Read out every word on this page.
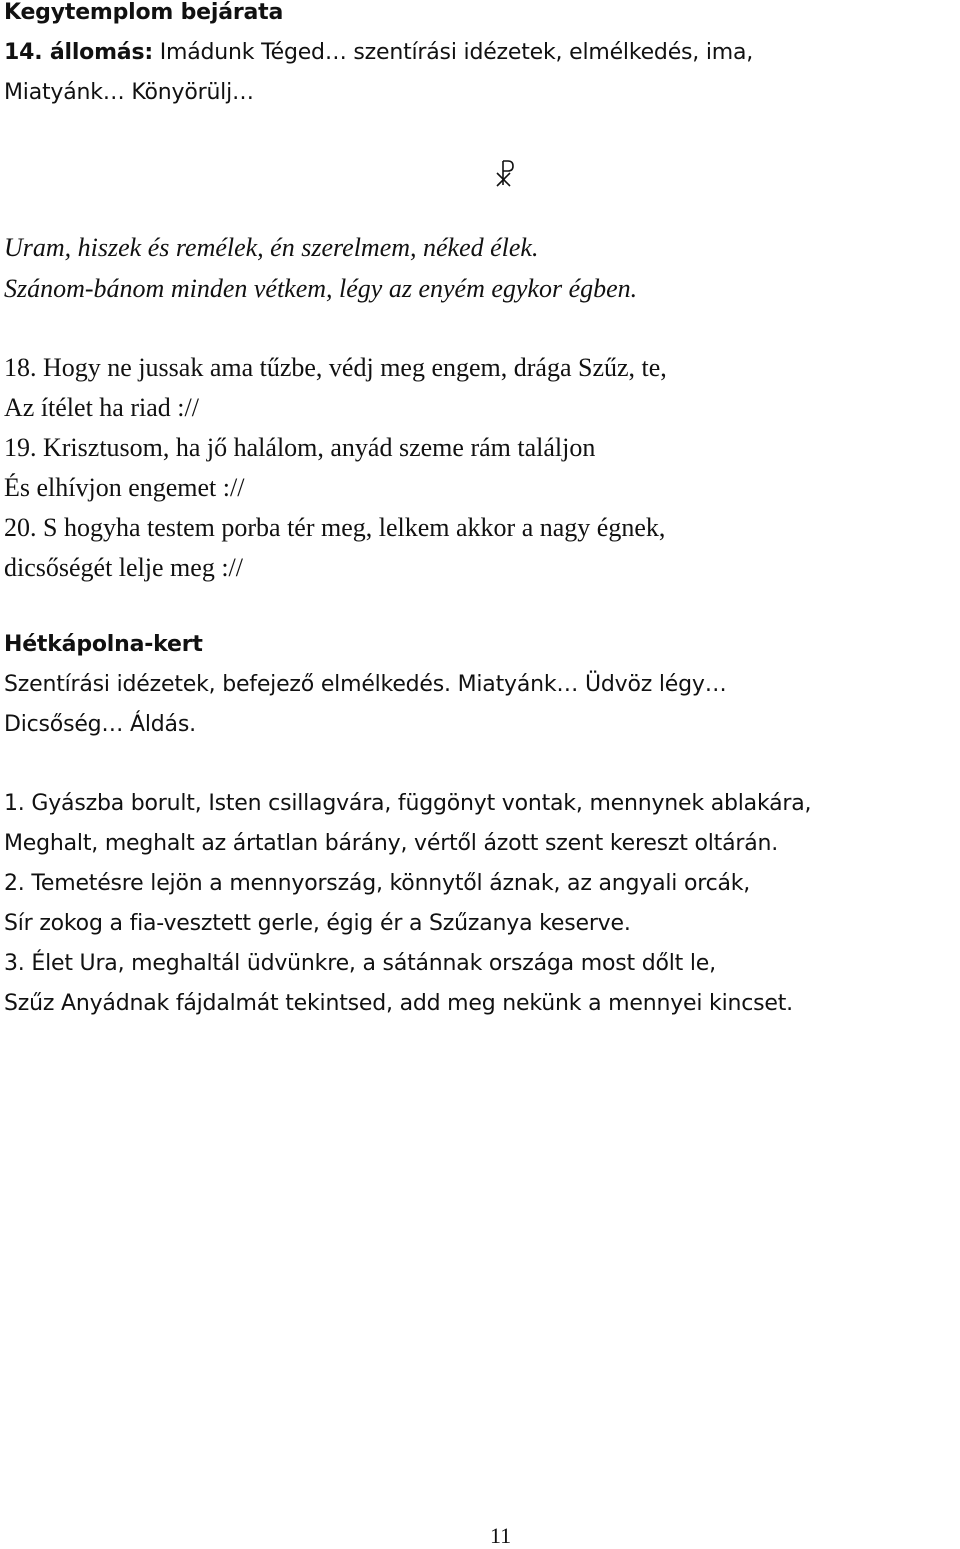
Kegytemplom bejárata
14. állomás: Imádunk Téged… szentírási idézetek, elmélkedés, ima,
Miatyánk… Könyörülj…
Uram, hiszek és remélek, én szerelmem, néked élek.
Szánom-bánom minden vétkem, légy az enyém egykor égben.
18. Hogy ne jussak ama tűzbe, védj meg engem, drága Szűz, te,
Az ítélet ha riad ://
19. Krisztusom, ha jő halálom, anyád szeme rám találjon
És elhívjon engemet ://
20. S hogyha testem porba tér meg, lelkem akkor a nagy égnek,
dicsőségét lelje meg ://
Hétkápolna-kert
Szentírási idézetek, befejező elmélkedés. Miatyánk… Üdvöz légy…
Dicsőség… Áldás.
1. Gyászba borult, Isten csillagvára, függönyt vontak, mennynek ablakára,
Meghalt, meghalt az ártatlan bárány, vértől ázott szent kereszt oltárán.
2. Temetésre lejön a mennyország, könnytől áznak, az angyali orcák,
Sír zokog a fia-vesztett gerle, égig ér a Szűzanya keserve.
3. Élet Ura, meghaltál üdvünkre, a sátánnak országa most dőlt le,
Szűz Anyádnak fájdalmát tekintsed, add meg nekünk a mennyei kincset.
11
